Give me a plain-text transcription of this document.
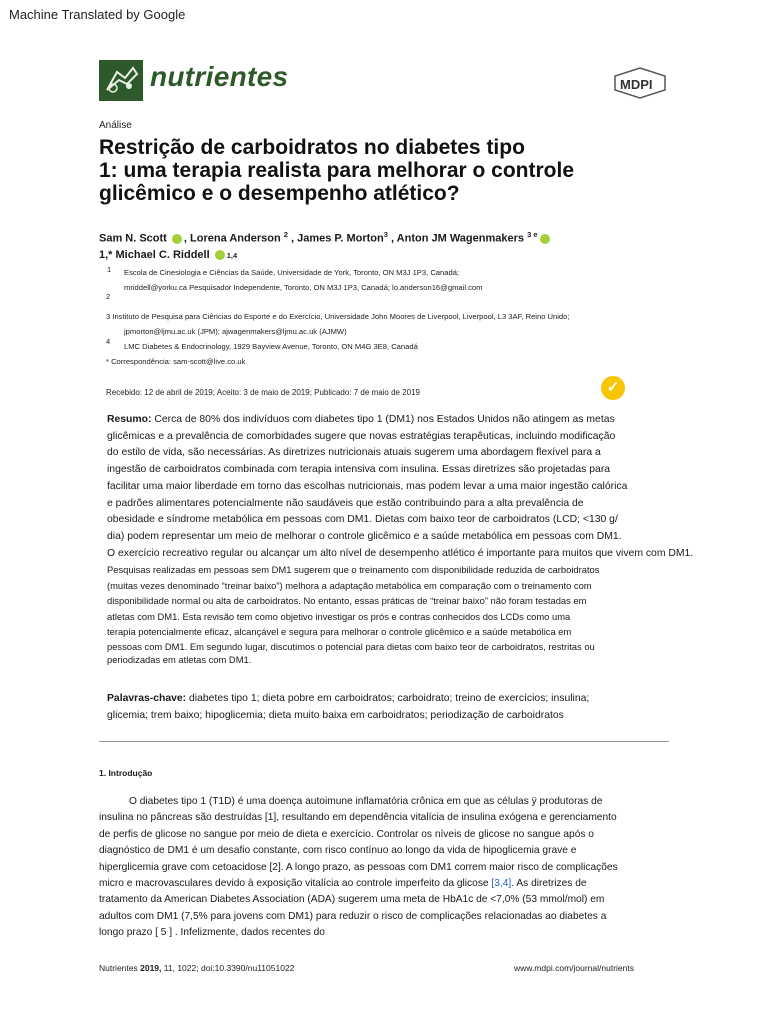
Machine Translated by Google
nutrientes	MDPI
Análise
Restrição de carboidratos no diabetes tipo
1: uma terapia realista para melhorar o controle
glicêmico e o desempenho atlético?
Sam N. Scott , Lorena Anderson $^2$ , James P. Morton$^3$ , Anton JM Wagenmakers $^{3 e}$
1,* Michael C. Riddell 1,4
1 Escola de Cinesiologia e Ciências da Saúde, Universidade de York, Toronto, ON M3J 1P3, Canadá;
mriddell@yorku.ca Pesquisador Independente, Toronto, ON M3J 1P3, Canadá; lo.anderson16@gmail.com
2
3 Instituto de Pesquisa para Ciências do Esporte e do Exercício, Universidade John Moores de Liverpool, Liverpool, L3 3AF, Reino Unido;
jpmorton@ljmu.ac.uk (JPM); ajwagenmakers@ljmu.ac.uk (AJMW)
4
LMC Diabetes & Endocrinology, 1929 Bayview Avenue, Toronto, ON M4G 3E8, Canadá
* Correspondência: sam-scott@live.co.uk
Recebido: 12 de abril de 2019; Aceito: 3 de maio de 2019; Publicado: 7 de maio de 2019	✓

Resumo: Cerca de 80% dos indivíduos com diabetes tipo 1 (DM1) nos Estados Unidos não atingem as metas

glicêmicas e a prevalência de comorbidades sugere que novas estratégias terapêuticas, incluindo modificação

do estilo de vida, são necessárias. As diretrizes nutricionais atuais sugerem uma abordagem flexível para a

ingestão de carboidratos combinada com terapia intensiva com insulina. Essas diretrizes são projetadas para

facilitar uma maior liberdade em torno das escolhas nutricionais, mas podem levar a uma maior ingestão calórica

e padrões alimentares potencialmente não saudáveis que estão contribuindo para a alta prevalência de

obesidade e síndrome metabólica em pessoas com DM1. Dietas com baixo teor de carboidratos (LCD; <130 g/

dia) podem representar um meio de melhorar o controle glicêmico e a saúde metabólica em pessoas com DM1.

O exercício recreativo regular ou alcançar um alto nível de desempenho atlético é importante para muitos que vivem com DM1.

Pesquisas realizadas em pessoas sem DM1 sugerem que o treinamento com disponibilidade reduzida de carboidratos

(muitas vezes denominado “treinar baixo”) melhora a adaptação metabólica em comparação com o treinamento com

disponibilidade normal ou alta de carboidratos. No entanto, essas práticas de “treinar baixo” não foram testadas em

atletas com DM1. Esta revisão tem como objetivo investigar os prós e contras conhecidos dos LCDs como uma

terapia potencialmente eficaz, alcançável e segura para melhorar o controle glicêmico e a saúde metabólica em

pessoas com DM1. Em segundo lugar, discutimos o potencial para dietas com baixo teor de carboidratos, restritas ou

periodizadas em atletas com DM1.

Palavras-chave: diabetes tipo 1; dieta pobre em carboidratos; carboidrato; treino de exercícios; insulina;

glicemia; trem baixo; hipoglicemia; dieta muito baixa em carboidratos; periodização de carboidratos

1. Introdução

O diabetes tipo 1 (T1D) é uma doença autoimune inflamatória crônica em que as células ÿ produtoras de

insulina no pâncreas são destruídas [1], resultando em dependência vitalícia de insulina exógena e gerenciamento

de perfis de glicose no sangue por meio de dieta e exercício. Controlar os níveis de glicose no sangue após o

diagnóstico de DM1 é um desafio constante, com risco contínuo ao longo da vida de hipoglicemia grave e

hiperglicemia grave com cetoacidose [2]. A longo prazo, as pessoas com DM1 correm maior risco de complicações

micro e macrovasculares devido à exposição vitalícia ao controle imperfeito da glicose [3,4]. As diretrizes de

tratamento da American Diabetes Association (ADA) sugerem uma meta de HbA1c de <7,0% (53 mmol/mol) em

adultos com DM1 (7,5% para jovens com DM1) para reduzir o risco de complicações relacionadas ao diabetes a

longo prazo [ 5 ] . Infelizmente, dados recentes do

Nutrientes 2019, 11, 1022; doi:10.3390/nu11051022	www.mdpi.com/journal/nutrients
